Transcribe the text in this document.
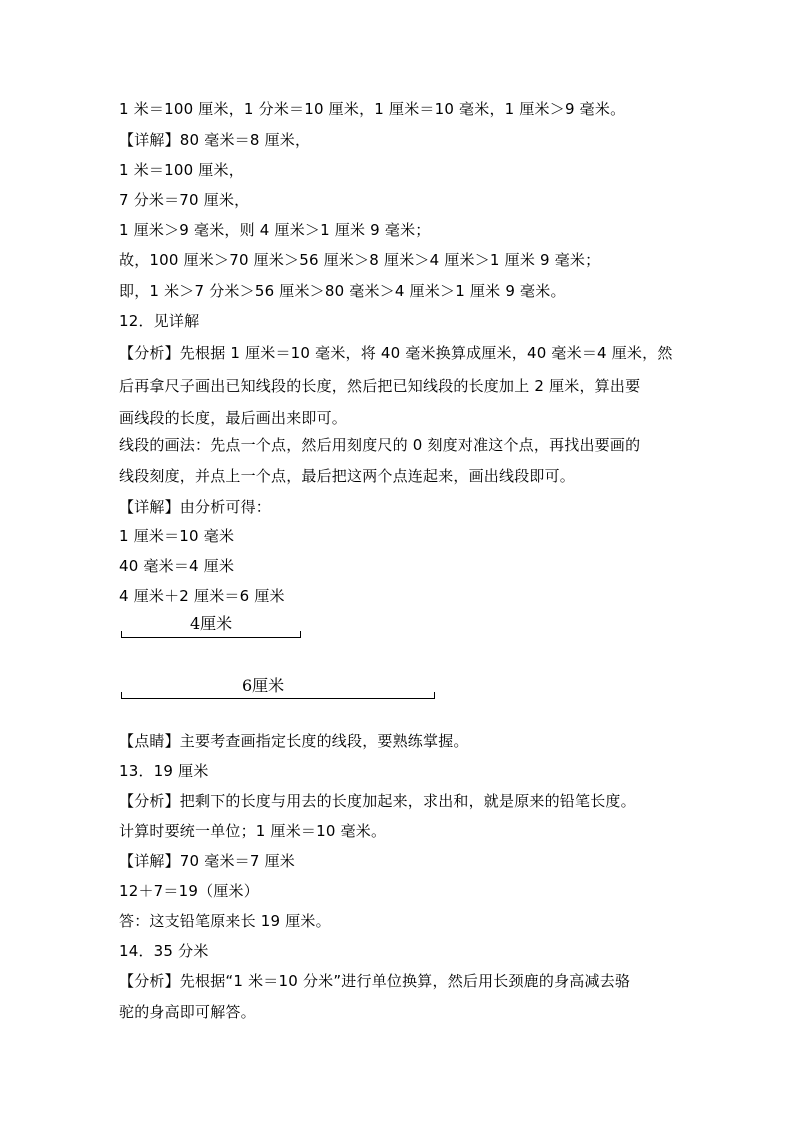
1 米＝100 厘米，1 分米＝10 厘米，1 厘米＝10 毫米，1 厘米＞9 毫米。
【详解】80 毫米＝8 厘米，
1 米＝100 厘米，
7 分米＝70 厘米，
1 厘米＞9 毫米，则 4 厘米＞1 厘米 9 毫米；
故，100 厘米＞70 厘米＞56 厘米＞8 厘米＞4 厘米＞1 厘米 9 毫米；
即，1 米＞7 分米＞56 厘米＞80 毫米＞4 厘米＞1 厘米 9 毫米。
12．见详解
【分析】先根据 1 厘米＝10 毫米，将 40 毫米换算成厘米，40 毫米＝4 厘米，然
后再拿尺子画出已知线段的长度，然后把已知线段的长度加上 2 厘米，算出要
画线段的长度，最后画出来即可。
线段的画法：先点一个点，然后用刻度尺的 0 刻度对准这个点，再找出要画的
线段刻度，并点上一个点，最后把这两个点连起来，画出线段即可。
【详解】由分析可得：
1 厘米＝10 毫米
40 毫米＝4 厘米
4 厘米＋2 厘米＝6 厘米
4厘米
6厘米
【点睛】主要考查画指定长度的线段，要熟练掌握。
13．19 厘米
【分析】把剩下的长度与用去的长度加起来，求出和，就是原来的铅笔长度。
计算时要统一单位；1 厘米＝10 毫米。
【详解】70 毫米＝7 厘米
12＋7＝19（厘米）
答：这支铅笔原来长 19 厘米。
14．35 分米
【分析】先根据“1 米＝10 分米”进行单位换算，然后用长颈鹿的身高减去骆
驼的身高即可解答。
